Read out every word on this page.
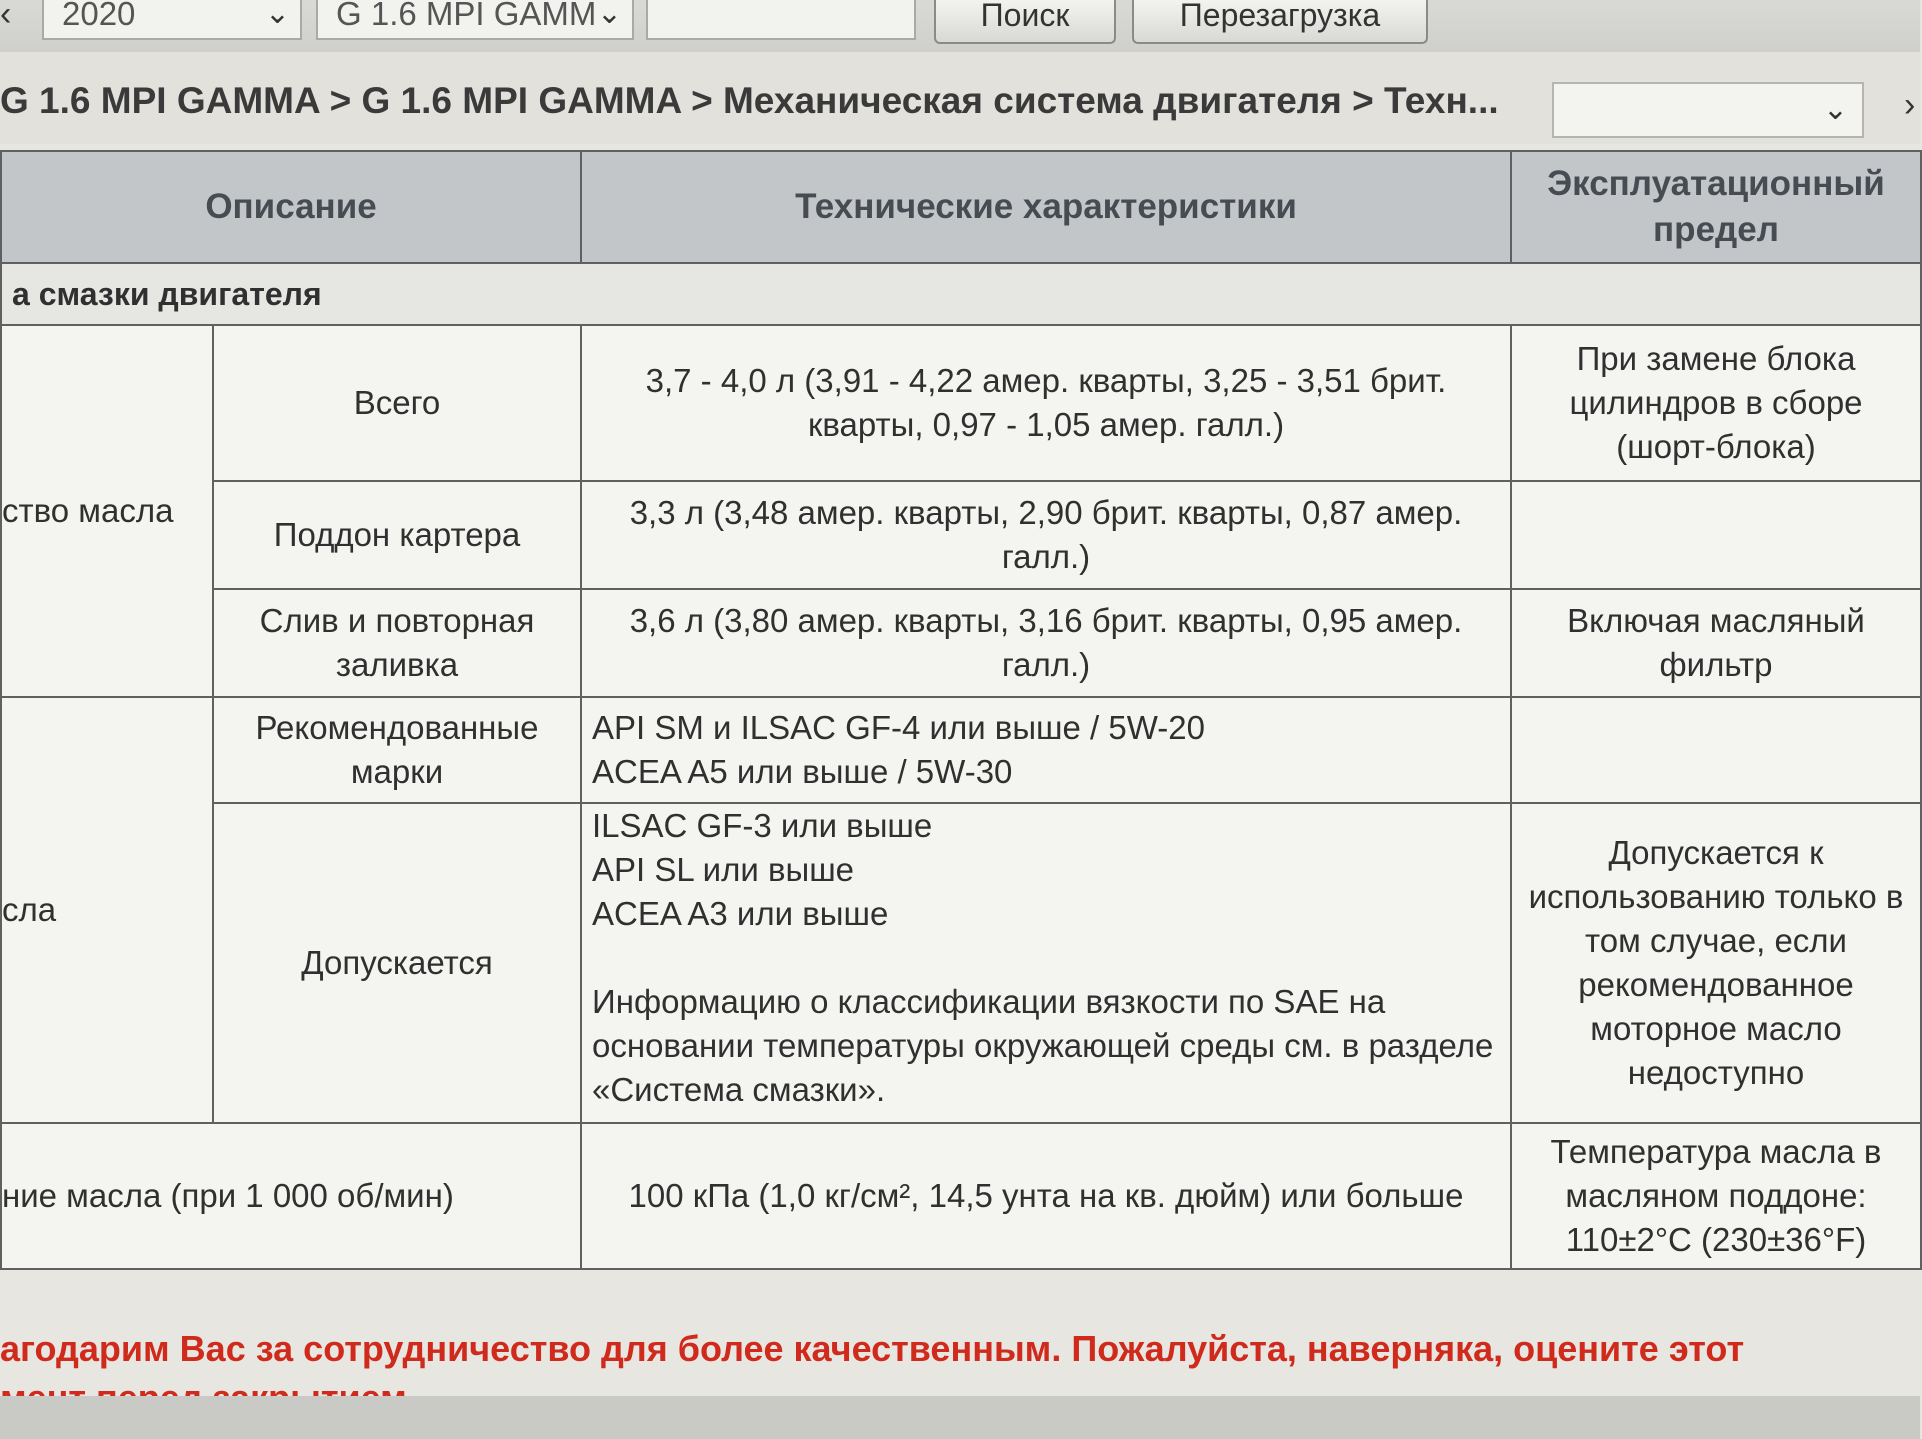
‹	2020	⌄	G 1.6 MPI GAMM ⌄	Поиск	Перезагрузка
G 1.6 MPI GAMMA > G 1.6 MPI GAMMA > Механическая система двигателя > Техн...	⌄ ›
Описание		Технические характеристики	Эксплуатационный предел
а смазки двигателя			
ство масла	Всего	3,7 - 4,0 л (3,91 - 4,22 амер. кварты, 3,25 - 3,51 брит. кварты, 0,97 - 1,05 амер. галл.)	При замене блока цилиндров в сборе (шорт-блока)
	Поддон картера	3,3 л (3,48 амер. кварты, 2,90 брит. кварты, 0,87 амер. галл.)	
	Слив и повторная заливка	3,6 л (3,80 амер. кварты, 3,16 брит. кварты, 0,95 амер. галл.)	Включая масляный фильтр
сла	Рекомендованные марки	API SM и ILSAC GF-4 или выше / 5W-20
ACEA A5 или выше / 5W-30	

	Допускается	ILSAC GF-3 или выше
API SL или выше
ACEA A3 или выше
Информацию о классификации вязкости по SAE на основании температуры окружающей среды см. в разделе «Система смазки».	Допускается к использованию только в том случае, если рекомендованное моторное масло недоступно
ние масла (при 1 000 об/мин)		100 кПа (1,0 кг/см², 14,5 унта на кв. дюйм) или больше	Температура масла в масляном поддоне: 110±2°C (230±36°F)
агодарим Вас за сотрудничество для более качественным. Пожалуйста, наверняка, оцените этот
